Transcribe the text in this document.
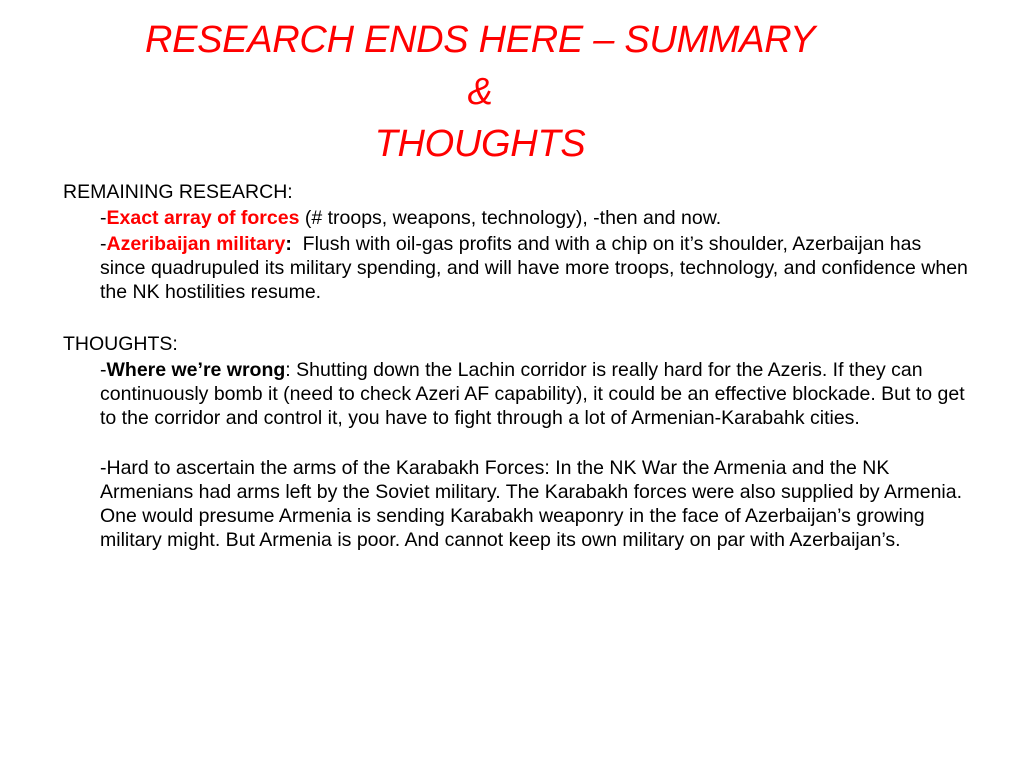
RESEARCH ENDS HERE – SUMMARY &
THOUGHTS
REMAINING RESEARCH:
-Exact array of forces (# troops, weapons, technology), -then and now.
-Azeribaijan military:  Flush with oil-gas profits and with a chip on it’s shoulder, Azerbaijan has since quadrupuled its military spending, and will have more troops, technology, and confidence when the NK hostilities resume.
THOUGHTS:
-Where we’re wrong: Shutting down the Lachin corridor is really hard for the Azeris. If they can continuously bomb it (need to check Azeri AF capability), it could be an effective blockade. But to get to the corridor and control it, you have to fight through a lot of Armenian-Karabahk cities.
-Hard to ascertain the arms of the Karabakh Forces: In the NK War the Armenia and the NK Armenians had arms left by the Soviet military. The Karabakh forces were also supplied by Armenia. One would presume Armenia is sending Karabakh weaponry in the face of Azerbaijan’s growing military might. But Armenia is poor. And cannot keep its own military on par with Azerbaijan’s.
